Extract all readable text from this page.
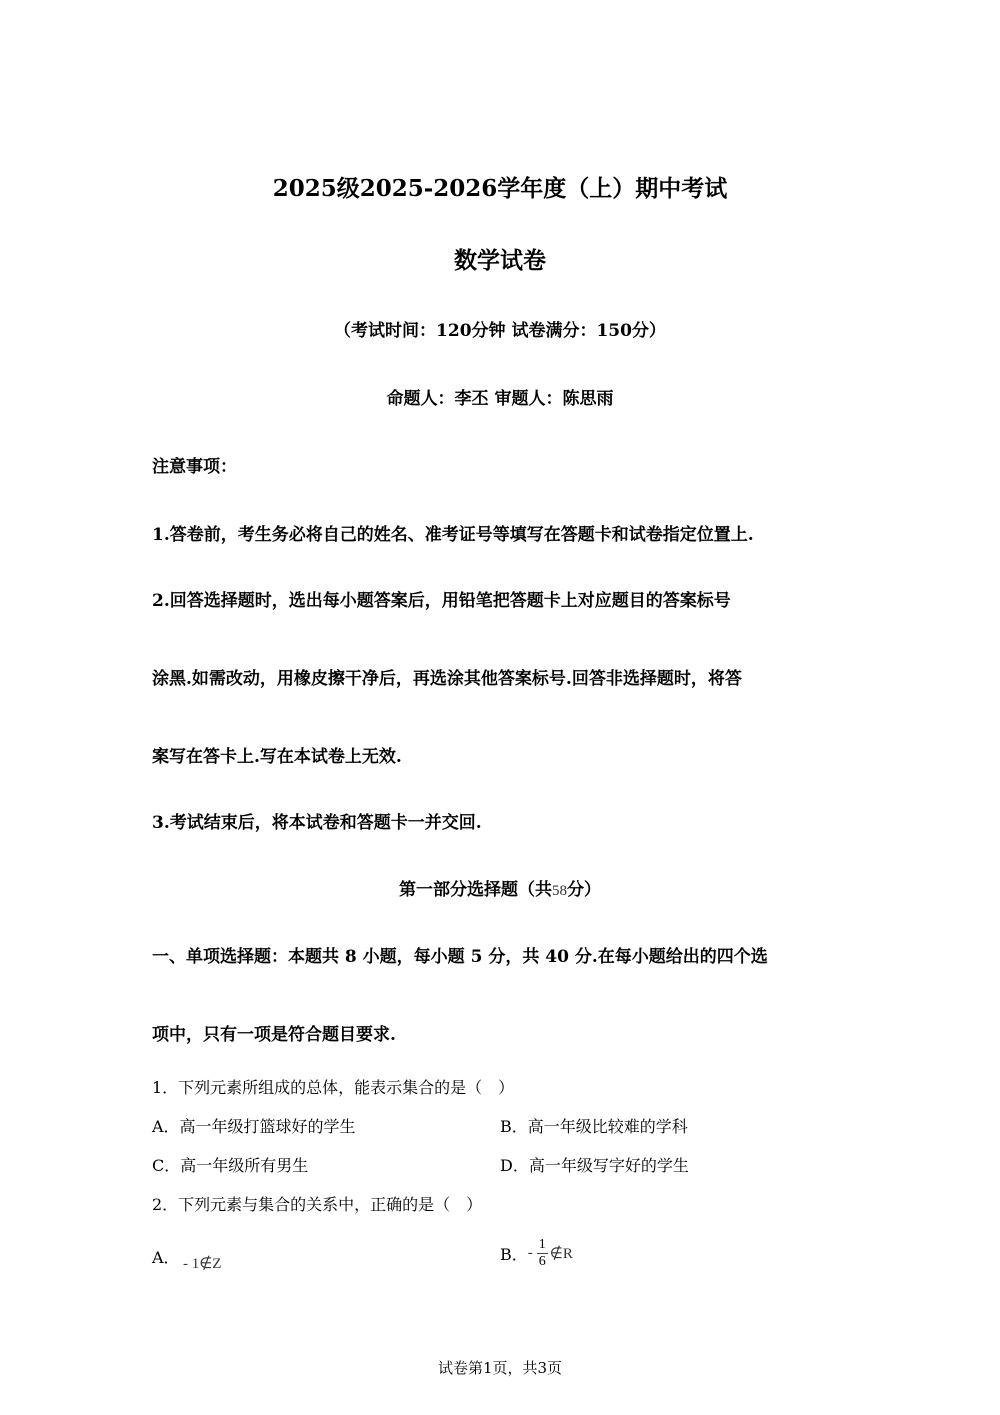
2025级2025-2026学年度（上）期中考试
数学试卷
（考试时间：120分钟 试卷满分：150分）
命题人：李丕 审题人：陈思雨
注意事项：
1.答卷前，考生务必将自己的姓名、准考证号等填写在答题卡和试卷指定位置上.
2.回答选择题时，选出每小题答案后，用铅笔把答题卡上对应题目的答案标号
涂黑.如需改动，用橡皮擦干净后，再选涂其他答案标号.回答非选择题时，将答
案写在答卡上.写在本试卷上无效.
3.考试结束后，将本试卷和答题卡一并交回.
第一部分选择题（共58分）
一、单项选择题：本题共 8 小题，每小题 5 分，共 40 分.在每小题给出的四个选
项中，只有一项是符合题目要求.
1．下列元素所组成的总体，能表示集合的是（　）
A．高一年级打篮球好的学生	B．高一年级比较难的学科
C．高一年级所有男生	D．高一年级写字好的学生
2．下列元素与集合的关系中，正确的是（　）
A． - 1∉Z
B． - $\frac{1}{6}$ ∉R
试卷第1页，共3页
